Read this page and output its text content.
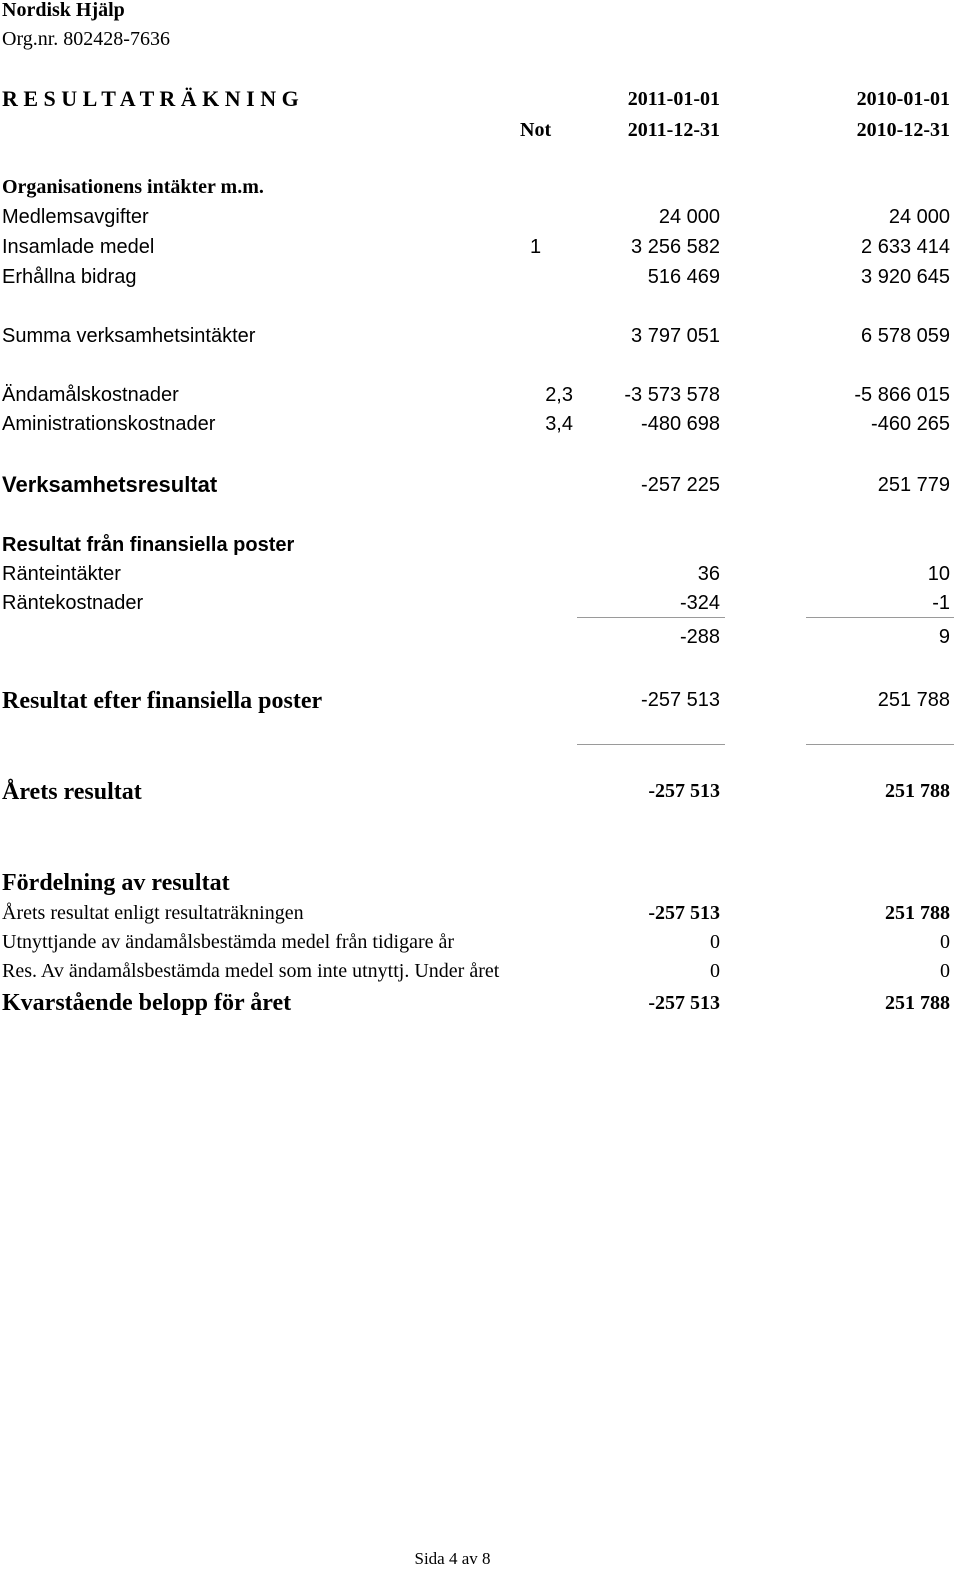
Nordisk Hjälp
Org.nr. 802428-7636
R E S U L T A T R Ä K N I N G	2011-01-01	2010-01-01
Not	2011-12-31	2010-12-31
Organisationens intäkter m.m.
Medlemsavgifter	24 000	24 000
Insamlade medel	1	3 256 582	2 633 414
Erhållna bidrag	516 469	3 920 645
Summa verksamhetsintäkter	3 797 051	6 578 059
Ändamålskostnader	2,3	-3 573 578	-5 866 015
Aministrationskostnader	3,4	-480 698	-460 265
Verksamhetsresultat	-257 225	251 779
Resultat från finansiella poster
Ränteintäkter	36	10
Räntekostnader	-324	-1
-288	9
Resultat efter finansiella poster	-257 513	251 788
Årets resultat	-257 513	251 788
Fördelning av resultat
Årets resultat enligt resultaträkningen	-257 513	251 788
Utnyttjande av ändamålsbestämda medel från tidigare år	0	0
Res. Av ändamålsbestämda medel som inte utnyttj. Under året	0	0
Kvarstående belopp för året	-257 513	251 788
Sida 4 av 8
